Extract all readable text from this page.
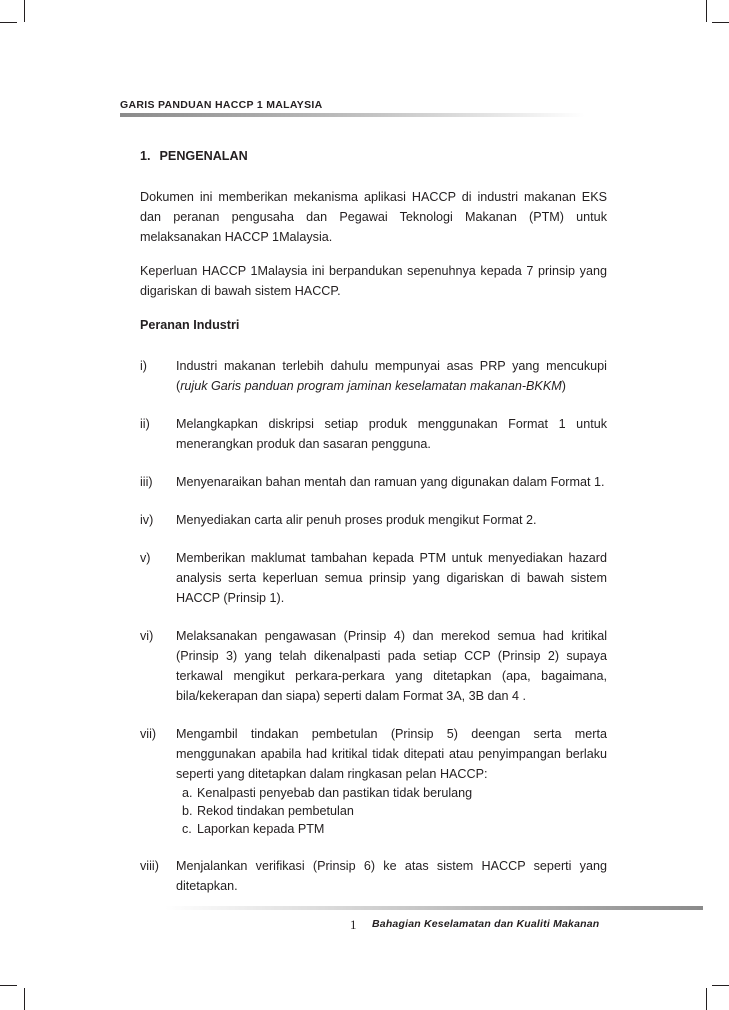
GARIS PANDUAN HACCP 1 MALAYSIA
1. PENGENALAN

Dokumen ini memberikan mekanisma aplikasi HACCP di industri makanan EKS dan peranan pengusaha dan Pegawai Teknologi Makanan (PTM) untuk melaksanakan HACCP 1Malaysia.

Keperluan HACCP 1Malaysia ini berpandukan sepenuhnya kepada 7 prinsip yang digariskan di bawah sistem HACCP.

Peranan Industri
i)	Industri makanan terlebih dahulu mempunyai asas PRP yang mencukupi (rujuk Garis panduan program jaminan keselamatan makanan-BKKM)
ii)	Melangkapkan diskripsi setiap produk menggunakan Format 1 untuk menerangkan produk dan sasaran pengguna.
iii)	Menyenaraikan bahan mentah dan ramuan yang digunakan dalam Format 1.
iv)	Menyediakan carta alir penuh proses produk mengikut Format 2.
v)	Memberikan maklumat tambahan kepada PTM untuk menyediakan hazard analysis serta keperluan semua prinsip yang digariskan di bawah sistem HACCP (Prinsip 1).
vi)	Melaksanakan pengawasan (Prinsip 4) dan merekod semua had kritikal (Prinsip 3) yang telah dikenalpasti pada setiap CCP (Prinsip 2) supaya terkawal mengikut perkara-perkara yang ditetapkan (apa, bagaimana, bila/kekerapan dan siapa) seperti dalam Format 3A, 3B dan 4 .
vii)	Mengambil tindakan pembetulan (Prinsip 5) deengan serta merta menggunakan apabila had kritikal tidak ditepati atau penyimpangan berlaku seperti yang ditetapkan dalam ringkasan pelan HACCP:
a. Kenalpasti penyebab dan pastikan tidak berulang
b. Rekod tindakan pembetulan
c. Laporkan kepada PTM
viii)	Menjalankan verifikasi (Prinsip 6) ke atas sistem HACCP seperti yang ditetapkan.
1 Bahagian Keselamatan dan Kualiti Makanan
